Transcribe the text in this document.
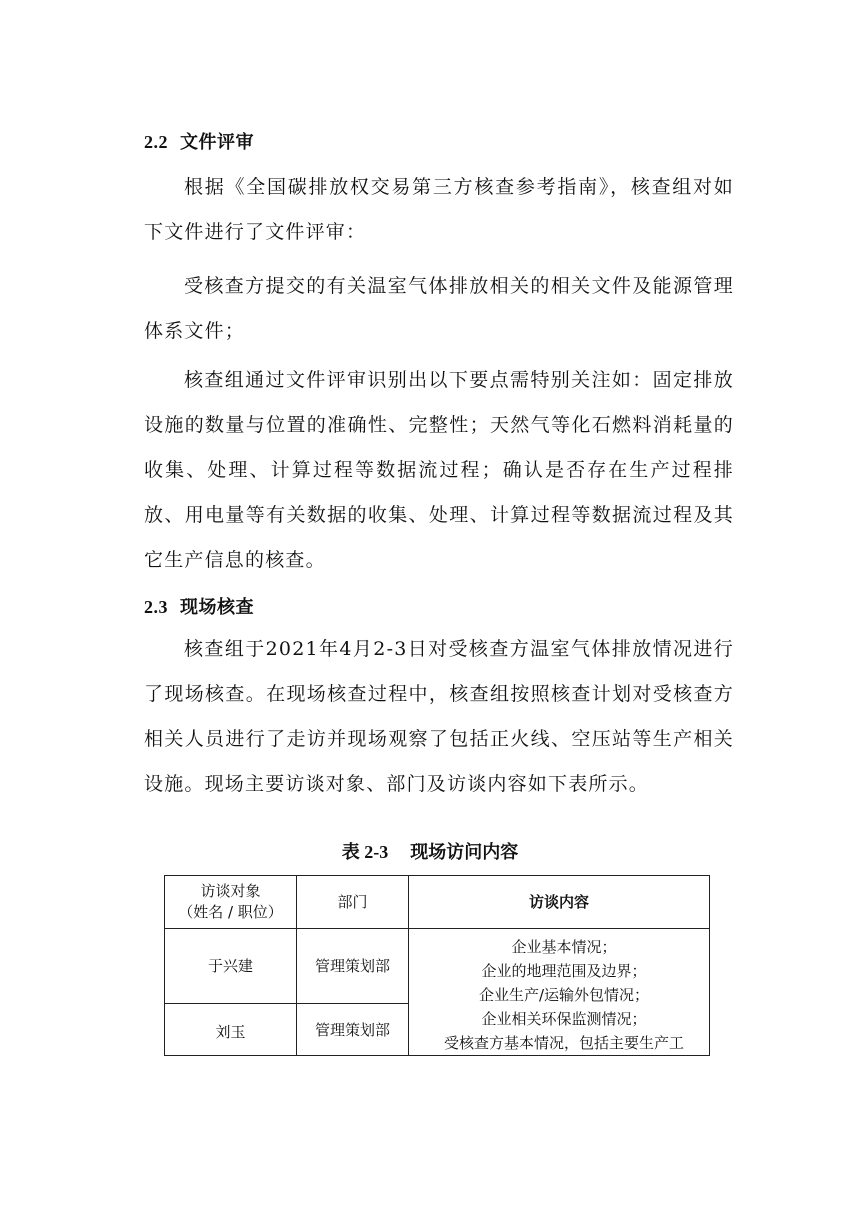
2.2 文件评审

根据《全国碳排放权交易第三方核查参考指南》，核查组对如下文件进行了文件评审：

受核查方提交的有关温室气体排放相关的相关文件及能源管理体系文件；

核查组通过文件评审识别出以下要点需特别关注如：固定排放设施的数量与位置的准确性、完整性；天然气等化石燃料消耗量的收集、处理、计算过程等数据流过程；确认是否存在生产过程排放、用电量等有关数据的收集、处理、计算过程等数据流过程及其它生产信息的核查。

2.3 现场核查

核查组于2021年4月2-3日对受核查方温室气体排放情况进行了现场核查。在现场核查过程中，核查组按照核查计划对受核查方相关人员进行了走访并现场观察了包括正火线、空压站等生产相关设施。现场主要访谈对象、部门及访谈内容如下表所示。

表 2-3 现场访问内容
访谈对象
（姓名 / 职位）	部门	访谈内容
于兴建	管理策划部	企业基本情况；
企业的地理范围及边界；
企业生产/运输外包情况；
企业相关环保监测情况；
受核查方基本情况，包括主要生产工

刘玉	管理策划部	
